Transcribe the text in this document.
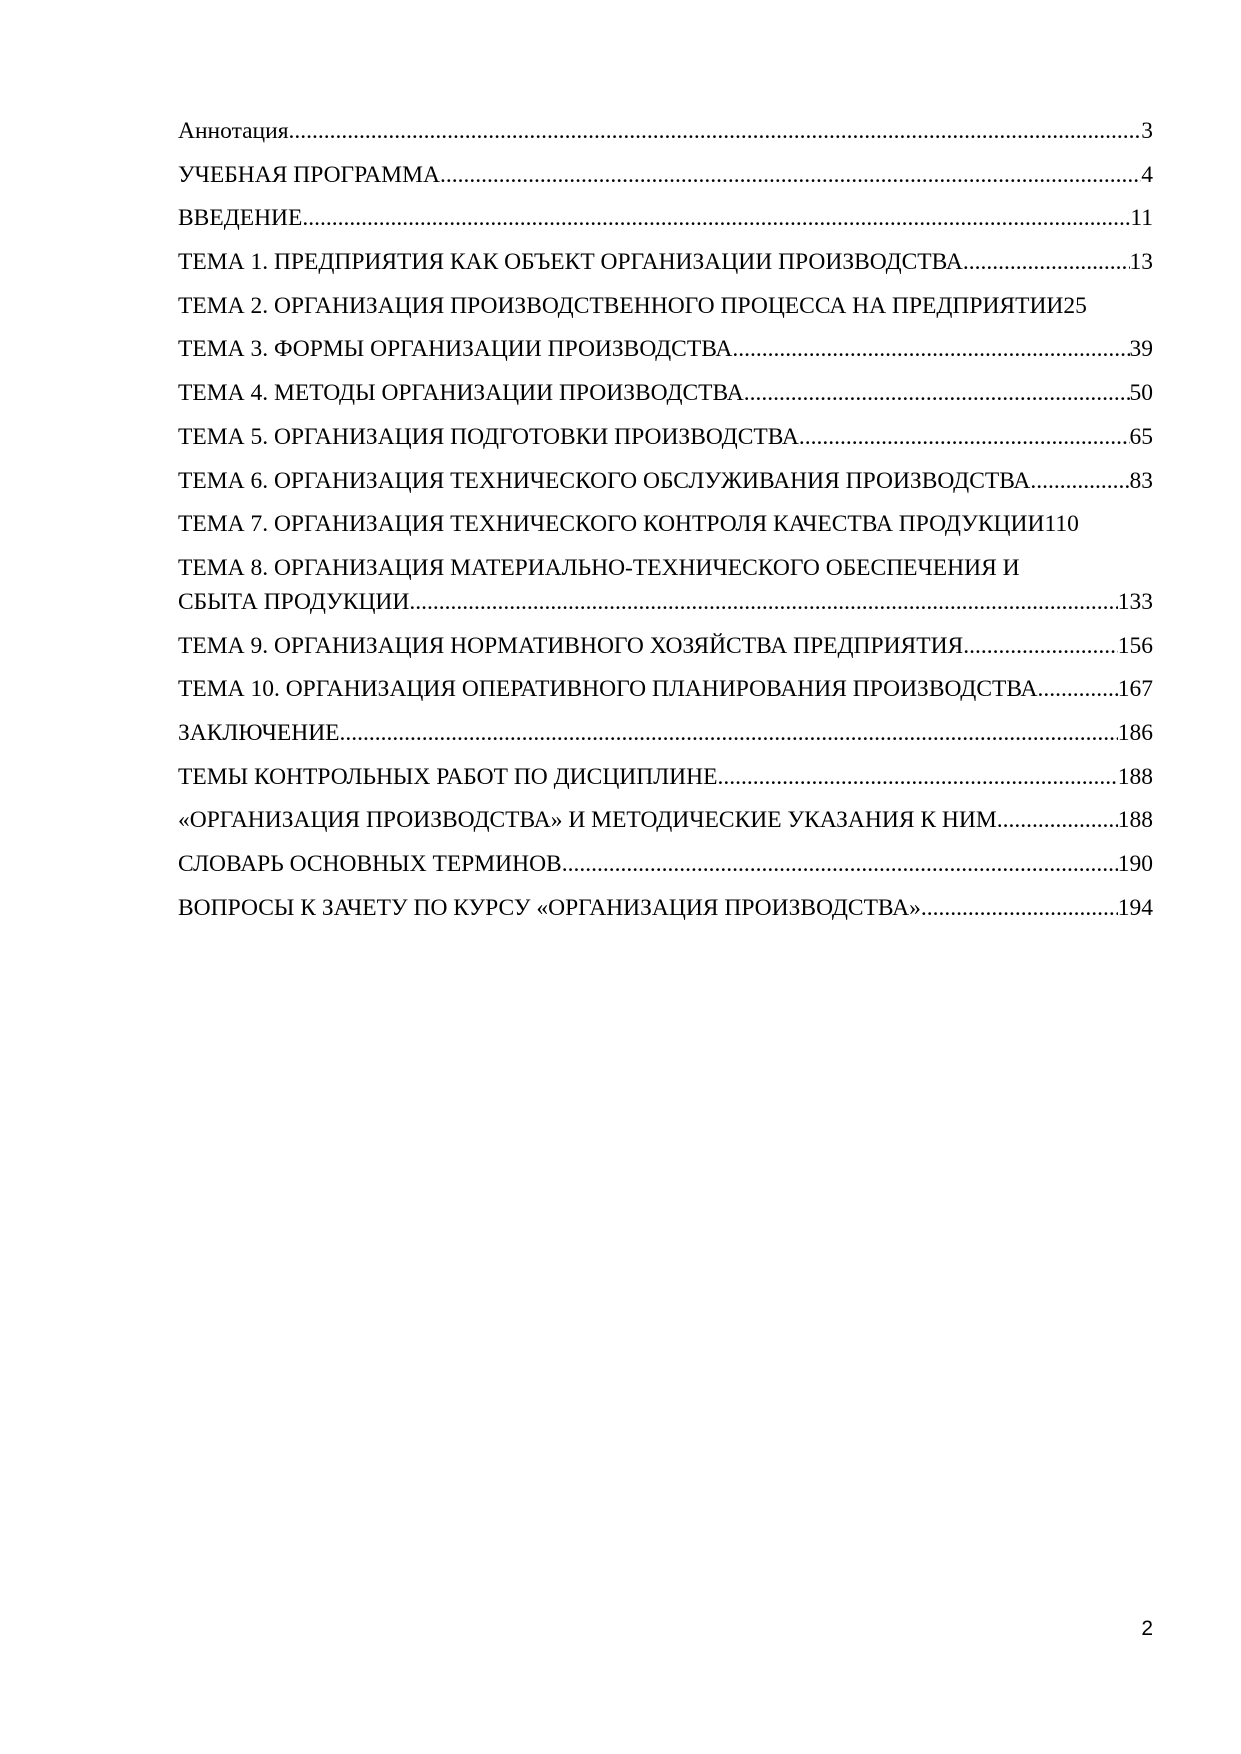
Аннотация .....	3
УЧЕБНАЯ ПРОГРАММА .....	4
ВВЕДЕНИЕ .....	11
ТЕМА 1. ПРЕДПРИЯТИЯ КАК ОБЪЕКТ ОРГАНИЗАЦИИ ПРОИЗВОДСТВА .....	13
ТЕМА 2. ОРГАНИЗАЦИЯ ПРОИЗВОДСТВЕННОГО ПРОЦЕССА НА ПРЕДПРИЯТИИ 25
ТЕМА 3. ФОРМЫ ОРГАНИЗАЦИИ ПРОИЗВОДСТВА .....	39
ТЕМА 4. МЕТОДЫ ОРГАНИЗАЦИИ ПРОИЗВОДСТВА .....	50
ТЕМА 5. ОРГАНИЗАЦИЯ ПОДГОТОВКИ ПРОИЗВОДСТВА .....	65
ТЕМА 6. ОРГАНИЗАЦИЯ ТЕХНИЧЕСКОГО ОБСЛУЖИВАНИЯ ПРОИЗВОДСТВА .....	83
ТЕМА 7. ОРГАНИЗАЦИЯ ТЕХНИЧЕСКОГО КОНТРОЛЯ КАЧЕСТВА ПРОДУКЦИИ 110
ТЕМА 8. ОРГАНИЗАЦИЯ МАТЕРИАЛЬНО-ТЕХНИЧЕСКОГО ОБЕСПЕЧЕНИЯ И
СБЫТА ПРОДУКЦИИ .....	133
ТЕМА 9. ОРГАНИЗАЦИЯ НОРМАТИВНОГО ХОЗЯЙСТВА ПРЕДПРИЯТИЯ .....	156
ТЕМА 10. ОРГАНИЗАЦИЯ ОПЕРАТИВНОГО ПЛАНИРОВАНИЯ ПРОИЗВОДСТВА .....	167
ЗАКЛЮЧЕНИЕ .....	186
ТЕМЫ КОНТРОЛЬНЫХ РАБОТ ПО ДИСЦИПЛИНЕ .....	188
«ОРГАНИЗАЦИЯ ПРОИЗВОДСТВА» И МЕТОДИЧЕСКИЕ УКАЗАНИЯ К НИМ .....	188
СЛОВАРЬ ОСНОВНЫХ ТЕРМИНОВ .....	190
ВОПРОСЫ К ЗАЧЕТУ ПО КУРСУ «ОРГАНИЗАЦИЯ ПРОИЗВОДСТВА» .....	194
2
